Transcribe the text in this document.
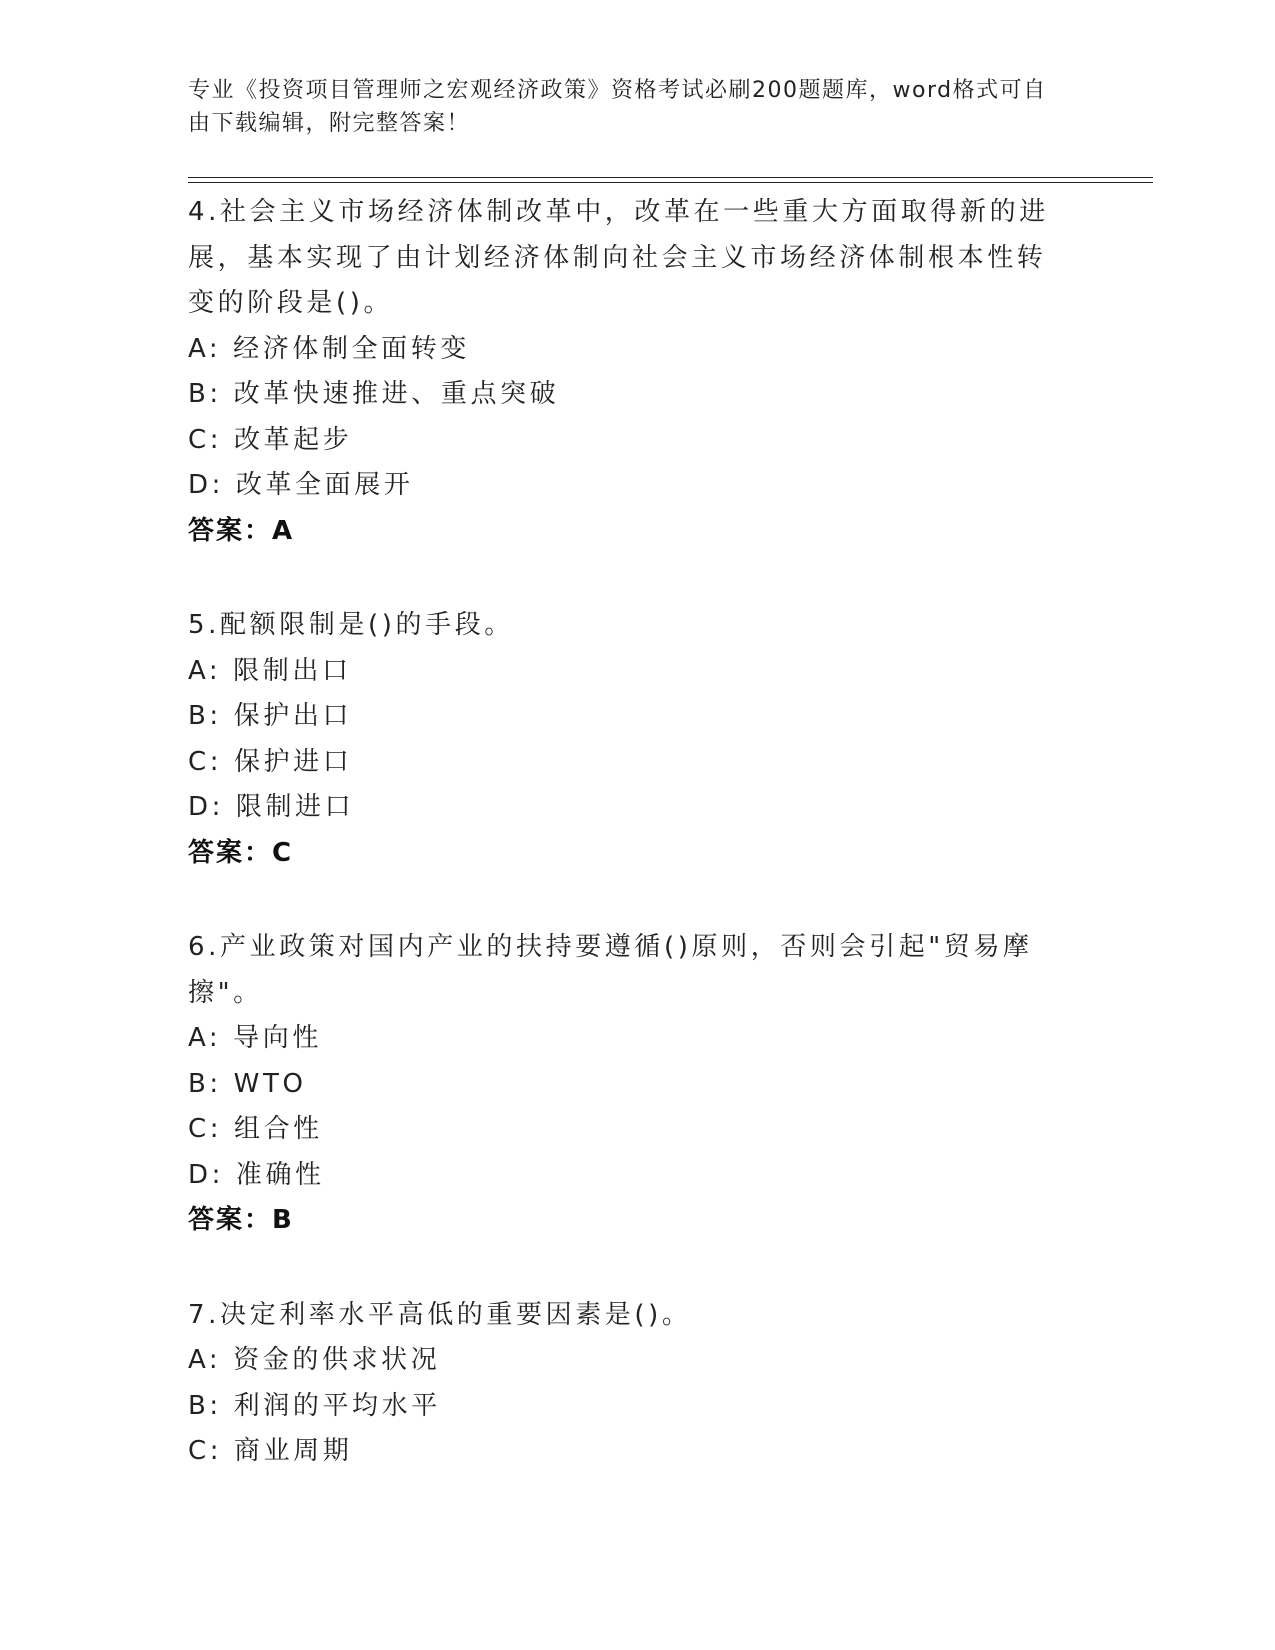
专业《投资项目管理师之宏观经济政策》资格考试必刷200题题库，word格式可自由下载编辑，附完整答案！

4.社会主义市场经济体制改革中，改革在一些重大方面取得新的进展，基本实现了由计划经济体制向社会主义市场经济体制根本性转变的阶段是()。

A: 经济体制全面转变

B: 改革快速推进、重点突破

C: 改革起步

D: 改革全面展开

答案：A

5.配额限制是()的手段。

A: 限制出口

B: 保护出口

C: 保护进口

D: 限制进口

答案：C

6.产业政策对国内产业的扶持要遵循()原则，否则会引起"贸易摩擦"。

A: 导向性

B: WTO

C: 组合性

D: 准确性

答案：B

7.决定利率水平高低的重要因素是()。

A: 资金的供求状况

B: 利润的平均水平

C: 商业周期
